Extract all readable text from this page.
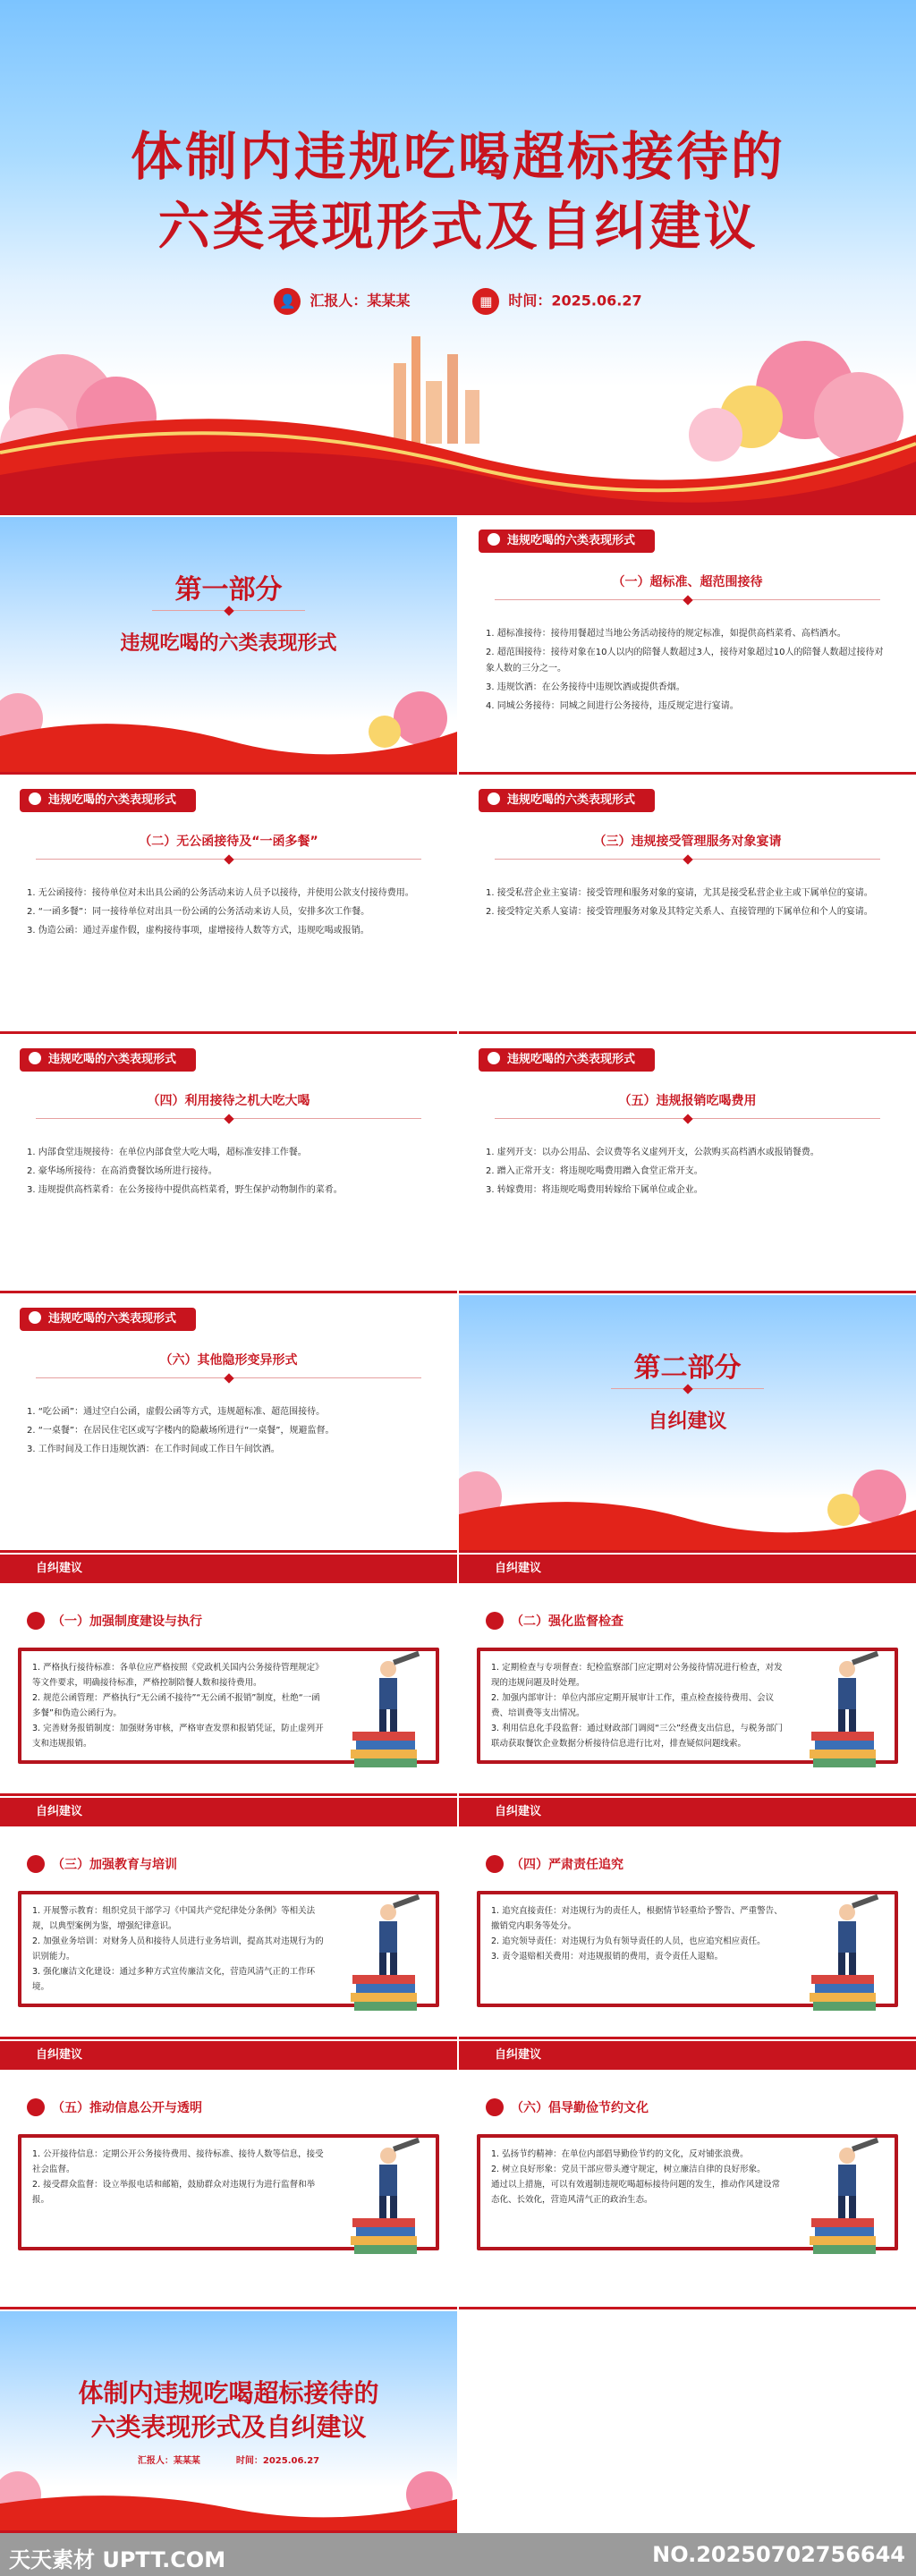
体制内违规吃喝超标接待的
六类表现形式及自纠建议
👤 汇报人：某某某	▦ 时间：2025.06.27
第一部分
违规吃喝的六类表现形式
违规吃喝的六类表现形式
（一）超标准、超范围接待
1. 超标准接待：接待用餐超过当地公务活动接待的规定标准，如提供高档菜肴、高档酒水。
2. 超范围接待：接待对象在10人以内的陪餐人数超过3人，接待对象超过10人的陪餐人数超过接待对象人数的三分之一。
3. 违规饮酒：在公务接待中违规饮酒或提供香烟。
4. 同城公务接待：同城之间进行公务接待，违反规定进行宴请。
违规吃喝的六类表现形式
（二）无公函接待及“一函多餐”
1. 无公函接待：接待单位对未出具公函的公务活动来访人员予以接待，并使用公款支付接待费用。
2. “一函多餐”：同一接待单位对出具一份公函的公务活动来访人员，安排多次工作餐。
3. 伪造公函：通过弄虚作假，虚构接待事项，虚增接待人数等方式，违规吃喝或报销。
违规吃喝的六类表现形式
（三）违规接受管理服务对象宴请
1. 接受私营企业主宴请：接受管理和服务对象的宴请，尤其是接受私营企业主或下属单位的宴请。
2. 接受特定关系人宴请：接受管理服务对象及其特定关系人、直接管理的下属单位和个人的宴请。
违规吃喝的六类表现形式
（四）利用接待之机大吃大喝
1. 内部食堂违规接待：在单位内部食堂大吃大喝，超标准安排工作餐。
2. 豪华场所接待：在高消费餐饮场所进行接待。
3. 违规提供高档菜肴：在公务接待中提供高档菜肴，野生保护动物制作的菜肴。
违规吃喝的六类表现形式
（五）违规报销吃喝费用
1. 虚列开支：以办公用品、会议费等名义虚列开支，公款购买高档酒水或报销餐费。
2. 蹭入正常开支：将违规吃喝费用蹭入食堂正常开支。
3. 转嫁费用：将违规吃喝费用转嫁给下属单位或企业。
违规吃喝的六类表现形式
（六）其他隐形变异形式
1. “吃公函”：通过空白公函，虚假公函等方式，违规超标准、超范围接待。
2. “一桌餐”：在居民住宅区或写字楼内的隐蔽场所进行“一桌餐”，规避监督。
3. 工作时间及工作日违规饮酒：在工作时间或工作日午间饮酒。
第二部分
自纠建议
自纠建议
（一）加强制度建设与执行
1. 严格执行接待标准：各单位应严格按照《党政机关国内公务接待管理规定》等文件要求，明确接待标准，严格控制陪餐人数和接待费用。
2. 规范公函管理：严格执行“无公函不接待”“无公函不报销”制度，杜绝“一函多餐”和伪造公函行为。
3. 完善财务报销制度：加强财务审核，严格审查发票和报销凭证，防止虚列开支和违规报销。
自纠建议
（二）强化监督检查
1. 定期检查与专项督查：纪检监察部门应定期对公务接待情况进行检查，对发现的违规问题及时处理。
2. 加强内部审计：单位内部应定期开展审计工作，重点检查接待费用、会议费、培训费等支出情况。
3. 利用信息化手段监督：通过财政部门调阅“三公”经费支出信息，与税务部门联动获取餐饮企业数据分析接待信息进行比对，排查疑似问题线索。
自纠建议
（三）加强教育与培训
1. 开展警示教育：组织党员干部学习《中国共产党纪律处分条例》等相关法规，以典型案例为鉴，增强纪律意识。
2. 加强业务培训：对财务人员和接待人员进行业务培训，提高其对违规行为的识别能力。
3. 强化廉洁文化建设：通过多种方式宣传廉洁文化，营造风清气正的工作环境。
自纠建议
（四）严肃责任追究
1. 追究直接责任：对违规行为的责任人，根据情节轻重给予警告、严重警告、撤销党内职务等处分。
2. 追究领导责任：对违规行为负有领导责任的人员，也应追究相应责任。
3. 责令退赔相关费用：对违规报销的费用，责令责任人退赔。
自纠建议
（五）推动信息公开与透明
1. 公开接待信息：定期公开公务接待费用、接待标准、接待人数等信息，接受社会监督。
2. 接受群众监督：设立举报电话和邮箱，鼓励群众对违规行为进行监督和举报。
自纠建议
（六）倡导勤俭节约文化
1. 弘扬节约精神：在单位内部倡导勤俭节约的文化，反对铺张浪费。
2. 树立良好形象：党员干部应带头遵守规定，树立廉洁自律的良好形象。
通过以上措施，可以有效遏制违规吃喝超标接待问题的发生，推动作风建设常态化、长效化，营造风清气正的政治生态。
体制内违规吃喝超标接待的
六类表现形式及自纠建议
汇报人：某某某	时间：2025.06.27
天天素材 UPTT.COM	NO.20250702756644
